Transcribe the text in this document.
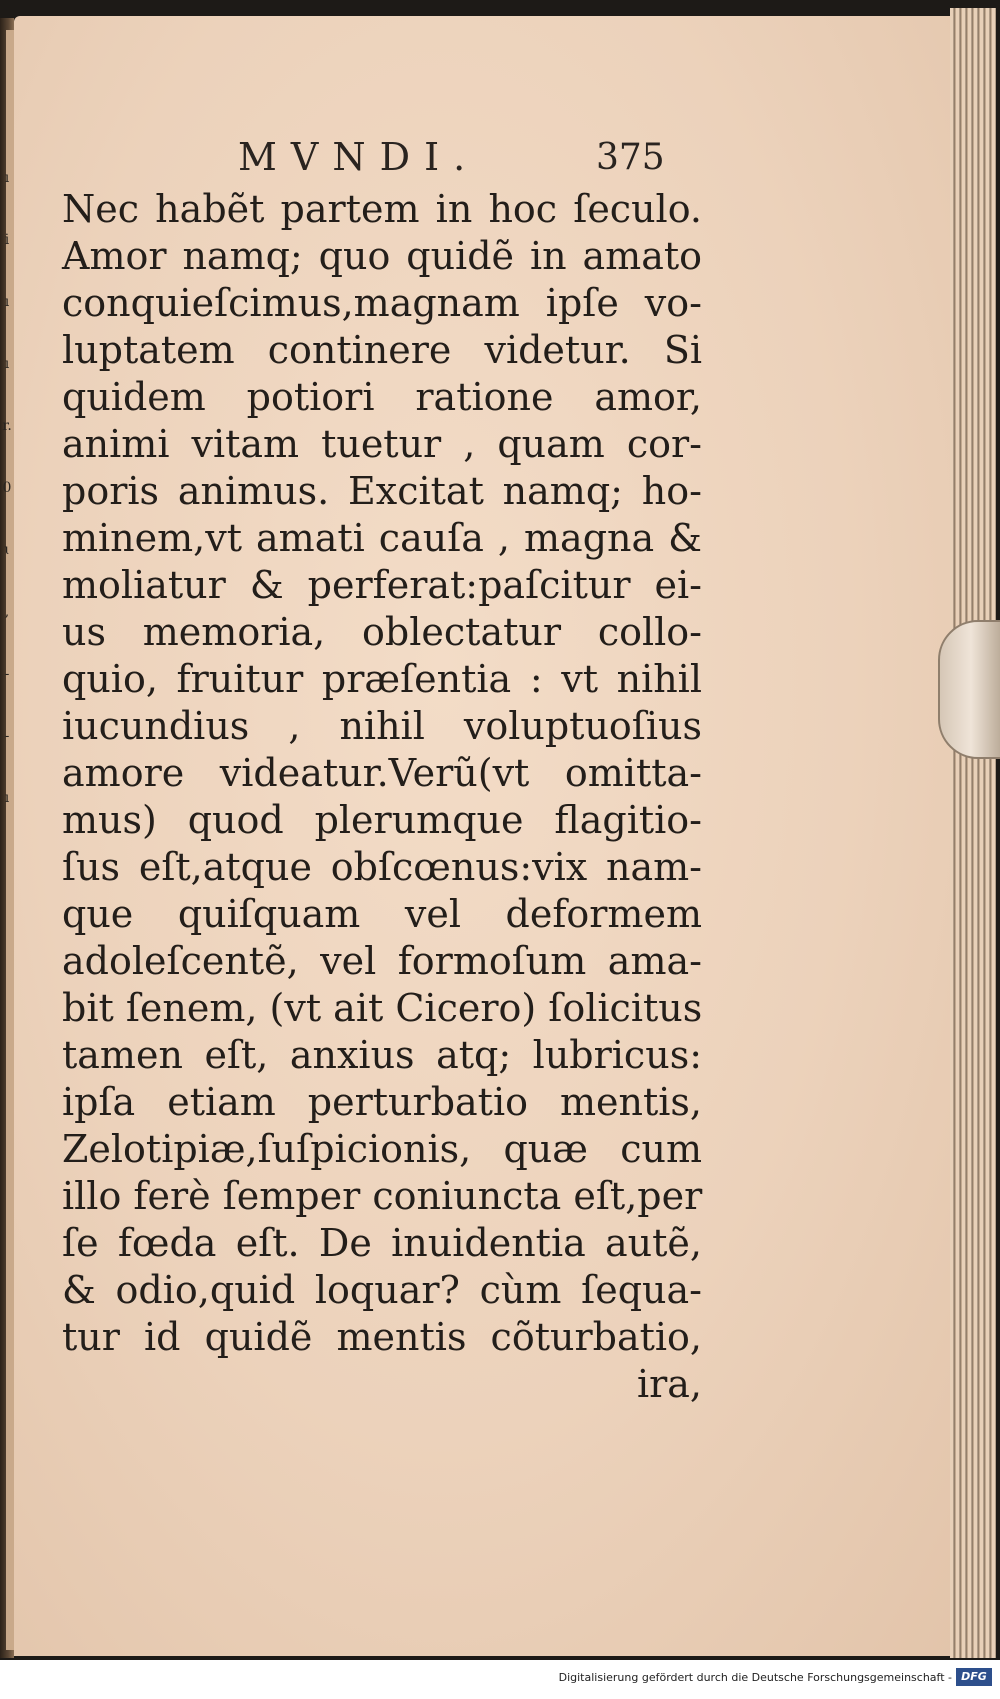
ı
i
ı
ı
r.
0
ɩ
,
-
-
ı
MVNDI.	375
Nec habẽt partem in hoc ſeculo.
Amor namq; quo quidẽ in amato
conquieſcimus,magnam ipſe vo-
luptatem continere videtur. Si
quidem potiori ratione amor,
animi vitam tuetur , quam cor-
poris animus. Excitat namq; ho-
minem,vt amati cauſa , magna &
moliatur & perferat:paſcitur ei-
us memoria, oblectatur collo-
quio, fruitur præſentia : vt nihil
iucundius , nihil voluptuoſius
amore videatur.Verũ(vt omitta-
mus) quod plerumque flagitio-
ſus eſt,atque obſcœnus:vix nam-
que quiſquam vel deformem
adoleſcentẽ, vel formoſum ama-
bit ſenem, (vt ait Cicero) ſolicitus
tamen eſt, anxius atq; lubricus:
ipſa etiam perturbatio mentis,
Zelotipiæ,ſuſpicionis, quæ cum
illo ferè ſemper coniuncta eſt,per
ſe fœda eſt. De inuidentia autẽ,
& odio,quid loquar? cùm ſequa-
tur id quidẽ mentis cõturbatio,
ira,
Digitalisierung gefördert durch die Deutsche Forschungsgemeinschaft - DFG
